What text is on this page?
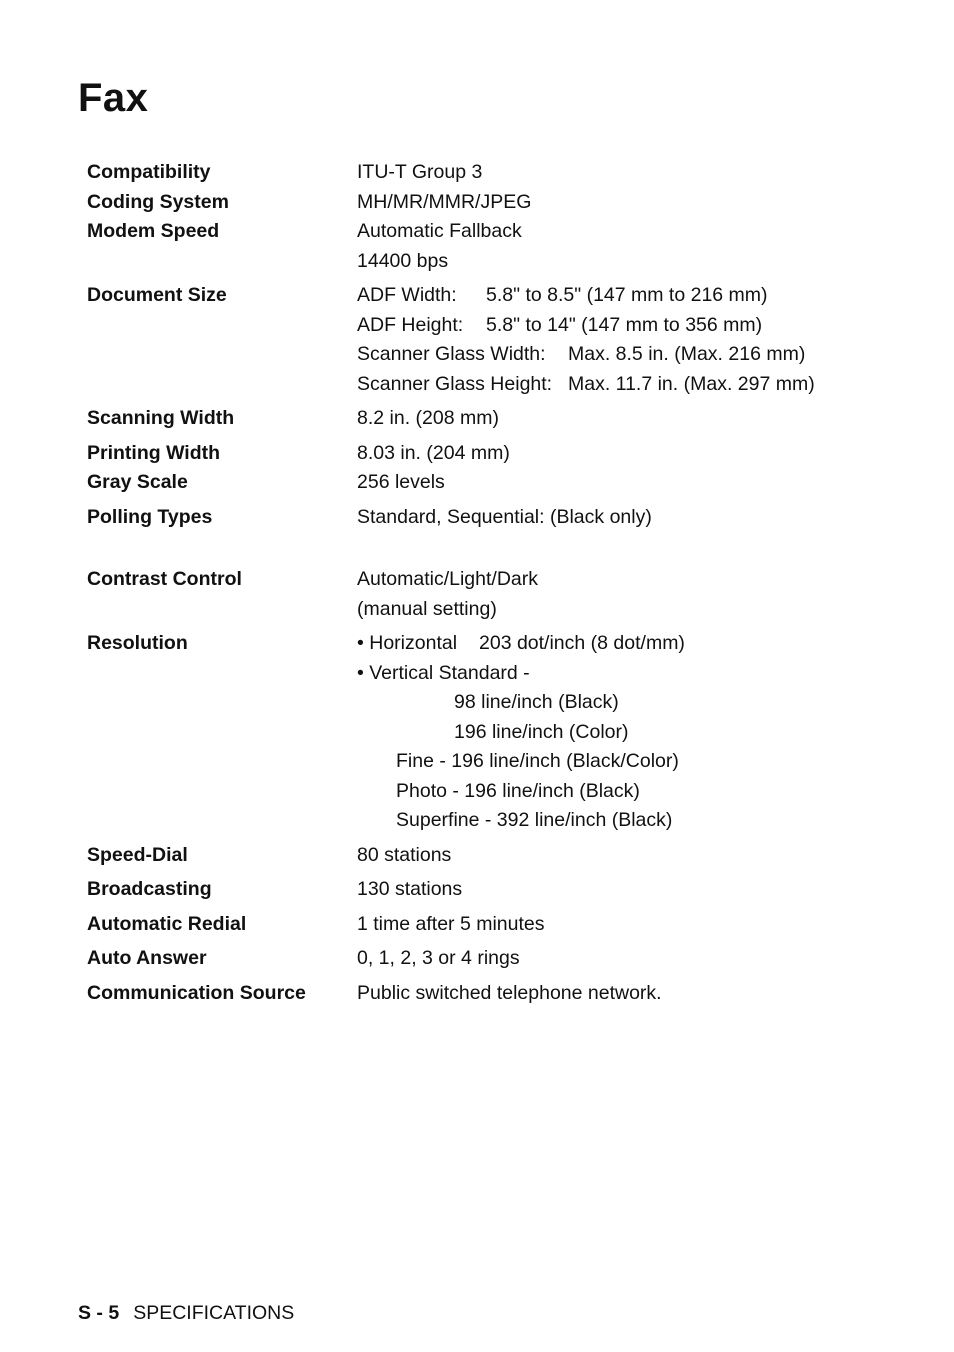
Fax
Compatibility	ITU-T Group 3
Coding System	MH/MR/MMR/JPEG
Modem Speed	Automatic Fallback
14400 bps
Document Size	ADF Width: 5.8" to 8.5" (147 mm to 216 mm)
ADF Height: 5.8" to 14" (147 mm to 356 mm)
Scanner Glass Width: Max. 8.5 in. (Max. 216 mm)
Scanner Glass Height: Max. 11.7 in. (Max. 297 mm)
Scanning Width	8.2 in. (208 mm)
Printing Width	8.03 in. (204 mm)
Gray Scale	256 levels
Polling Types	Standard, Sequential: (Black only)
Contrast Control	Automatic/Light/Dark
(manual setting)
Resolution	• Horizontal 203 dot/inch (8 dot/mm)
• Vertical Standard -
98 line/inch (Black)
196 line/inch (Color)
Fine - 196 line/inch (Black/Color)
Photo - 196 line/inch (Black)
Superfine - 392 line/inch (Black)
Speed-Dial	80 stations
Broadcasting	130 stations
Automatic Redial	1 time after 5 minutes
Auto Answer	0, 1, 2, 3 or 4 rings
Communication Source	Public switched telephone network.
S - 5 SPECIFICATIONS
